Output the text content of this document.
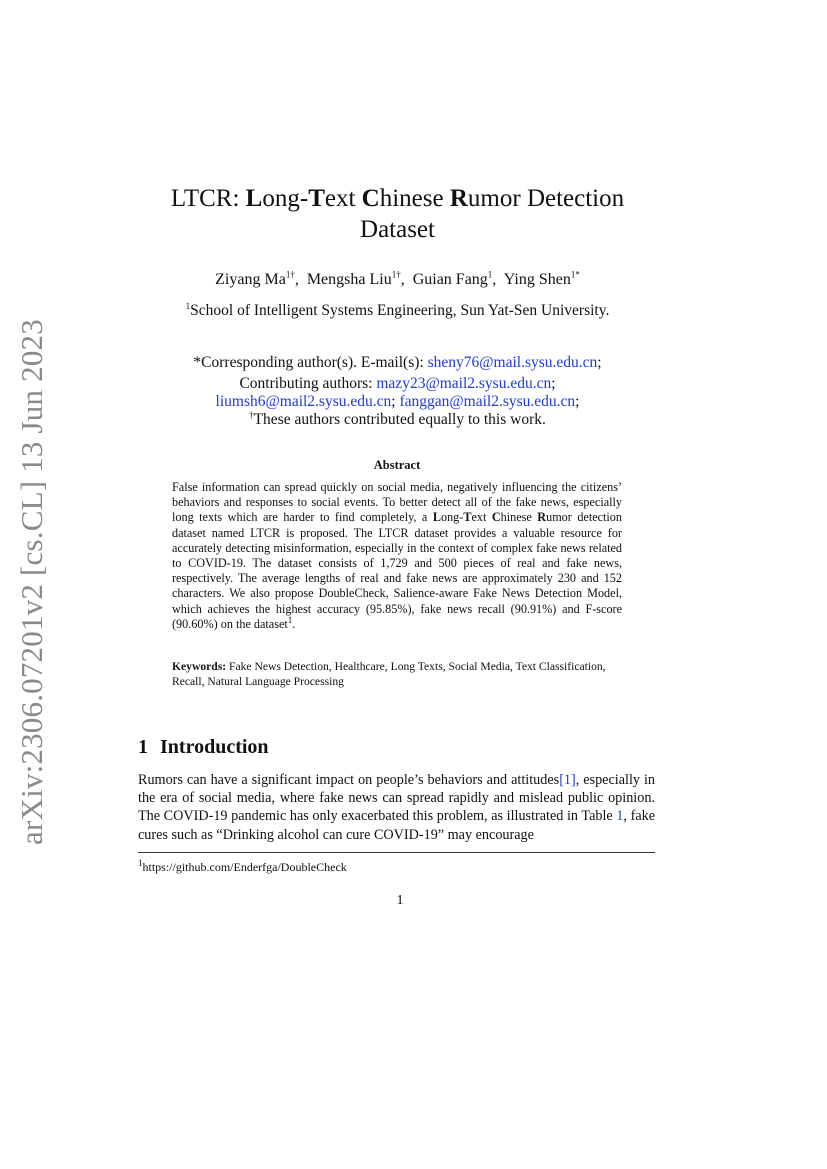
arXiv:2306.07201v2 [cs.CL] 13 Jun 2023
LTCR: Long-Text Chinese Rumor Detection
Dataset
Ziyang $Ma^{1\dagger}$,  Mengsha Liu$^{1\dagger}$,  Guian Fang$^1$,  Ying Shen$^{1*}$
$^1$School of Intelligent Systems Engineering, Sun Yat-Sen University.
*Corresponding author(s). E-mail(s): sheny76@mail.sysu.edu.cn;
Contributing authors: mazy23@mail2.sysu.edu.cn;
liumsh6@mail2.sysu.edu.cn; fanggan@mail2.sysu.edu.cn;
†These authors contributed equally to this work.
Abstract
False information can spread quickly on social media, negatively influencing the citizens’ behaviors and responses to social events. To better detect all of the fake news, especially long texts which are harder to find completely, a Long-Text Chinese Rumor detection dataset named LTCR is proposed. The LTCR dataset provides a valuable resource for accurately detecting misinformation, especially in the context of complex fake news related to COVID-19. The dataset consists of 1,729 and 500 pieces of real and fake news, respectively. The average lengths of real and fake news are approximately 230 and 152 characters. We also propose DoubleCheck, Salience-aware Fake News Detection Model, which achieves the highest accuracy (95.85%), fake news recall (90.91%) and F-score (90.60%) on the dataset$^1$.
Keywords: Fake News Detection, Healthcare, Long Texts, Social Media, Text Classification, Recall, Natural Language Processing
1 Introduction
Rumors can have a significant impact on people’s behaviors and attitudes[1], especially in the era of social media, where fake news can spread rapidly and mislead public opinion. The COVID-19 pandemic has only exacerbated this problem, as illustrated in Table 1, fake cures such as “Drinking alcohol can cure COVID-19” may encourage
$^1$https://github.com/Enderfga/DoubleCheck
1
